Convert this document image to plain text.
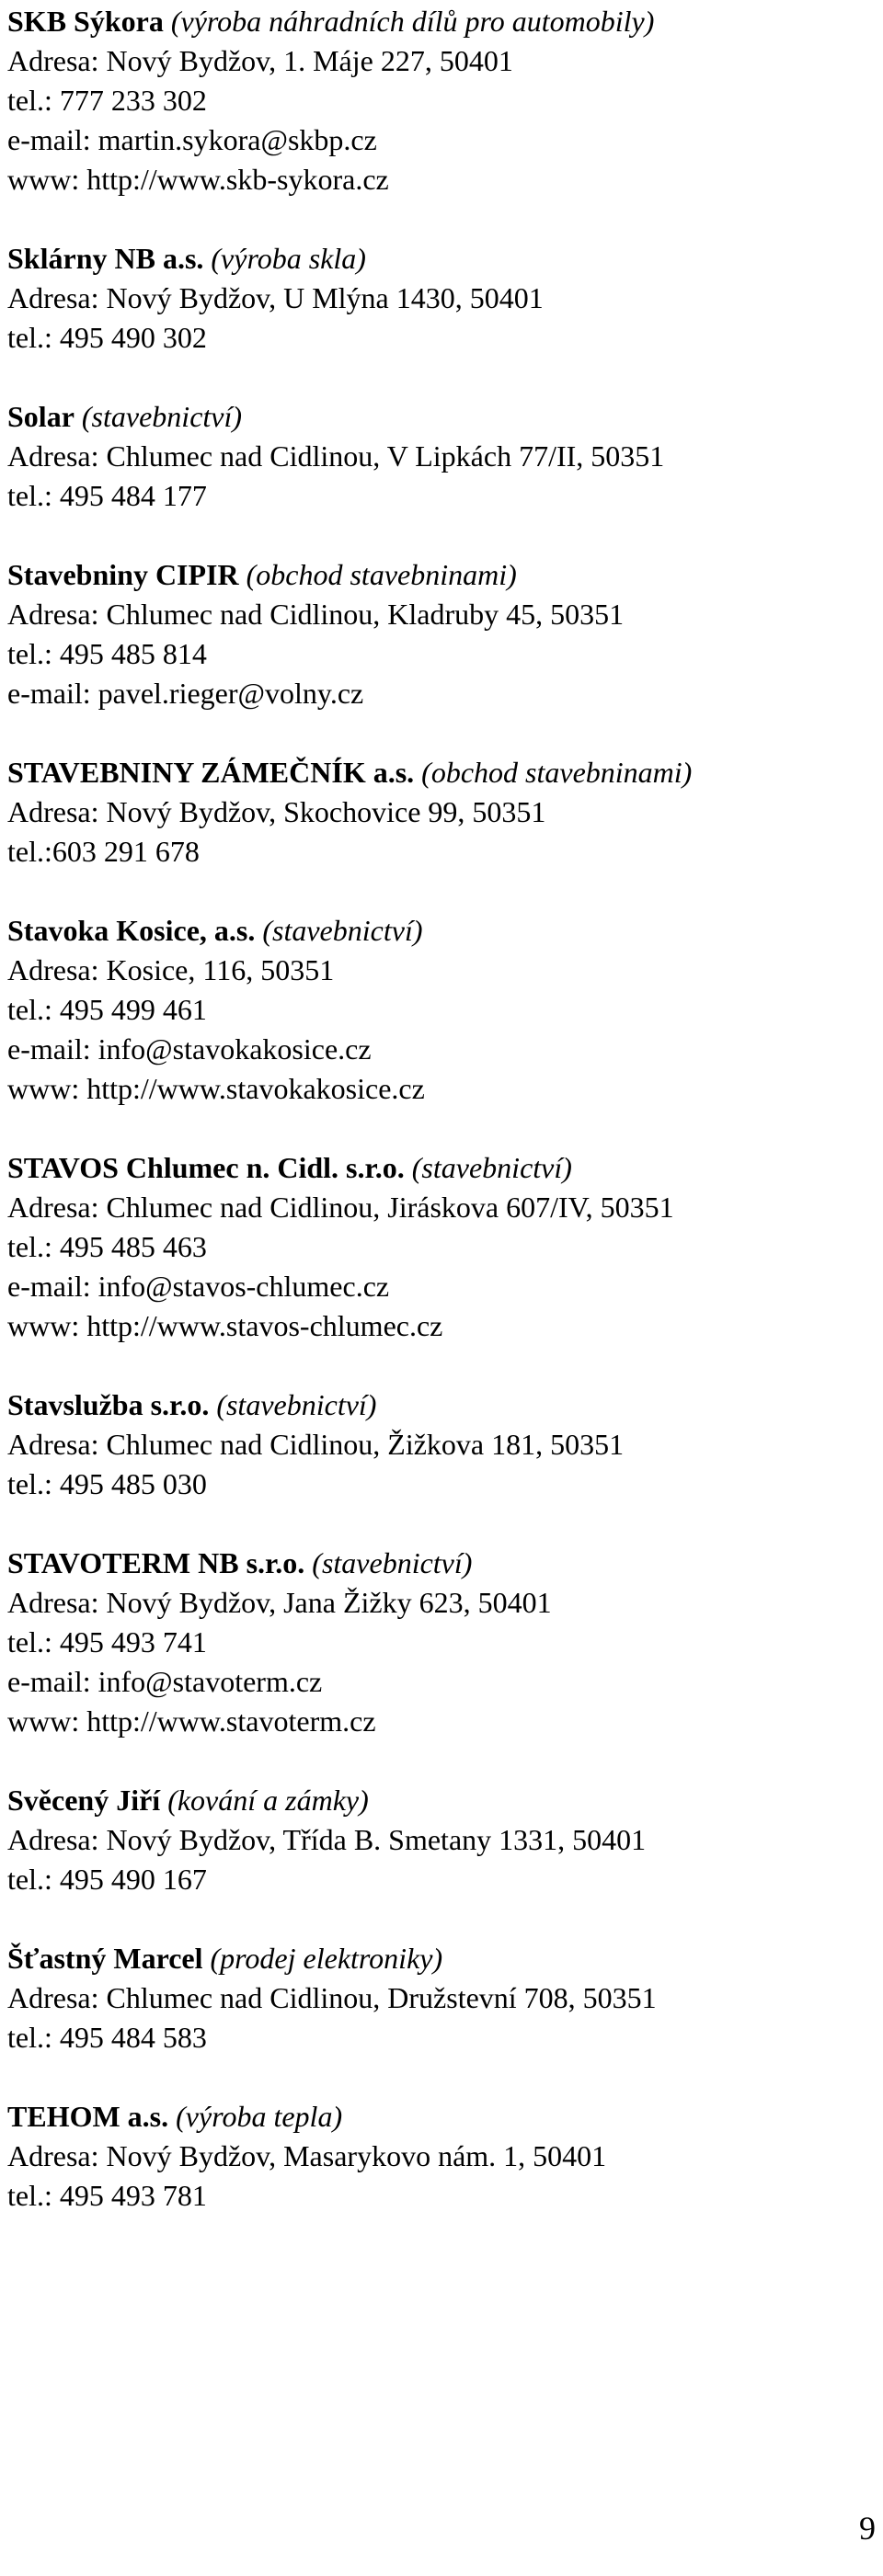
SKB Sýkora (výroba náhradních dílů pro automobily)
Adresa: Nový Bydžov, 1. Máje 227, 50401
tel.: 777 233 302
e-mail: martin.sykora@skbp.cz
www: http://www.skb-sykora.cz
Sklárny NB a.s. (výroba skla)
Adresa: Nový Bydžov, U Mlýna 1430, 50401
tel.: 495 490 302
Solar (stavebnictví)
Adresa: Chlumec nad Cidlinou, V Lipkách 77/II, 50351
tel.: 495 484 177
Stavebniny CIPIR (obchod stavebninami)
Adresa: Chlumec nad Cidlinou, Kladruby 45, 50351
tel.: 495 485 814
e-mail: pavel.rieger@volny.cz
STAVEBNINY ZÁMEČNÍK a.s. (obchod stavebninami)
Adresa: Nový Bydžov, Skochovice 99, 50351
tel.:603 291 678
Stavoka Kosice, a.s. (stavebnictví)
Adresa: Kosice, 116, 50351
tel.: 495 499 461
e-mail: info@stavokakosice.cz
www: http://www.stavokakosice.cz
STAVOS Chlumec n. Cidl. s.r.o. (stavebnictví)
Adresa: Chlumec nad Cidlinou, Jiráskova 607/IV, 50351
tel.: 495 485 463
e-mail: info@stavos-chlumec.cz
www: http://www.stavos-chlumec.cz
Stavslužba s.r.o. (stavebnictví)
Adresa: Chlumec nad Cidlinou, Žižkova 181, 50351
tel.: 495 485 030
STAVOTERM NB s.r.o. (stavebnictví)
Adresa: Nový Bydžov, Jana Žižky 623, 50401
tel.: 495 493 741
e-mail: info@stavoterm.cz
www: http://www.stavoterm.cz
Svěcený Jiří (kování a zámky)
Adresa: Nový Bydžov, Třída B. Smetany 1331, 50401
tel.: 495 490 167
Šťastný Marcel (prodej elektroniky)
Adresa: Chlumec nad Cidlinou, Družstevní 708, 50351
tel.: 495 484 583
TEHOM a.s. (výroba tepla)
Adresa: Nový Bydžov, Masarykovo nám. 1, 50401
tel.: 495 493 781
9
